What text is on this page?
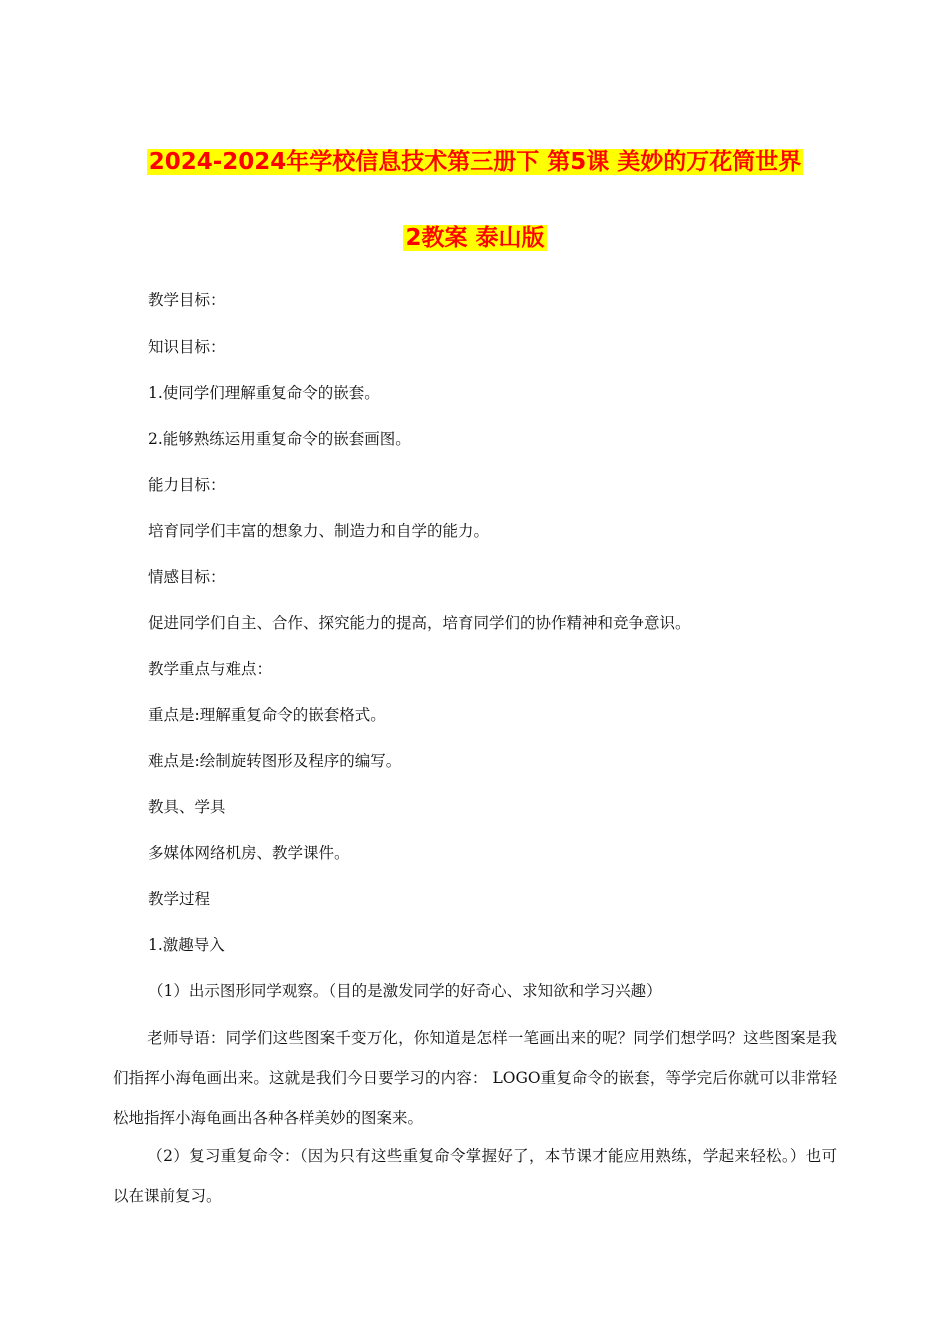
2024-2024年学校信息技术第三册下 第5课 美妙的万花筒世界
2教案 泰山版
教学目标：
知识目标：
1.使同学们理解重复命令的嵌套。
2.能够熟练运用重复命令的嵌套画图。
能力目标：
培育同学们丰富的想象力、制造力和自学的能力。
情感目标：
促进同学们自主、合作、探究能力的提高，培育同学们的协作精神和竞争意识。
教学重点与难点：
重点是:理解重复命令的嵌套格式。
难点是:绘制旋转图形及程序的编写。
教具、学具
多媒体网络机房、教学课件。
教学过程
1.激趣导入
（1）出示图形同学观察。（目的是激发同学的好奇心、求知欲和学习兴趣）
老师导语：同学们这些图案千变万化，你知道是怎样一笔画出来的呢？同学们想学吗？这些图案是我们指挥小海龟画出来。这就是我们今日要学习的内容： LOGO重复命令的嵌套，等学完后你就可以非常轻松地指挥小海龟画出各种各样美妙的图案来。
（2）复习重复命令：（因为只有这些重复命令掌握好了，本节课才能应用熟练，学起来轻松。）也可以在课前复习。
